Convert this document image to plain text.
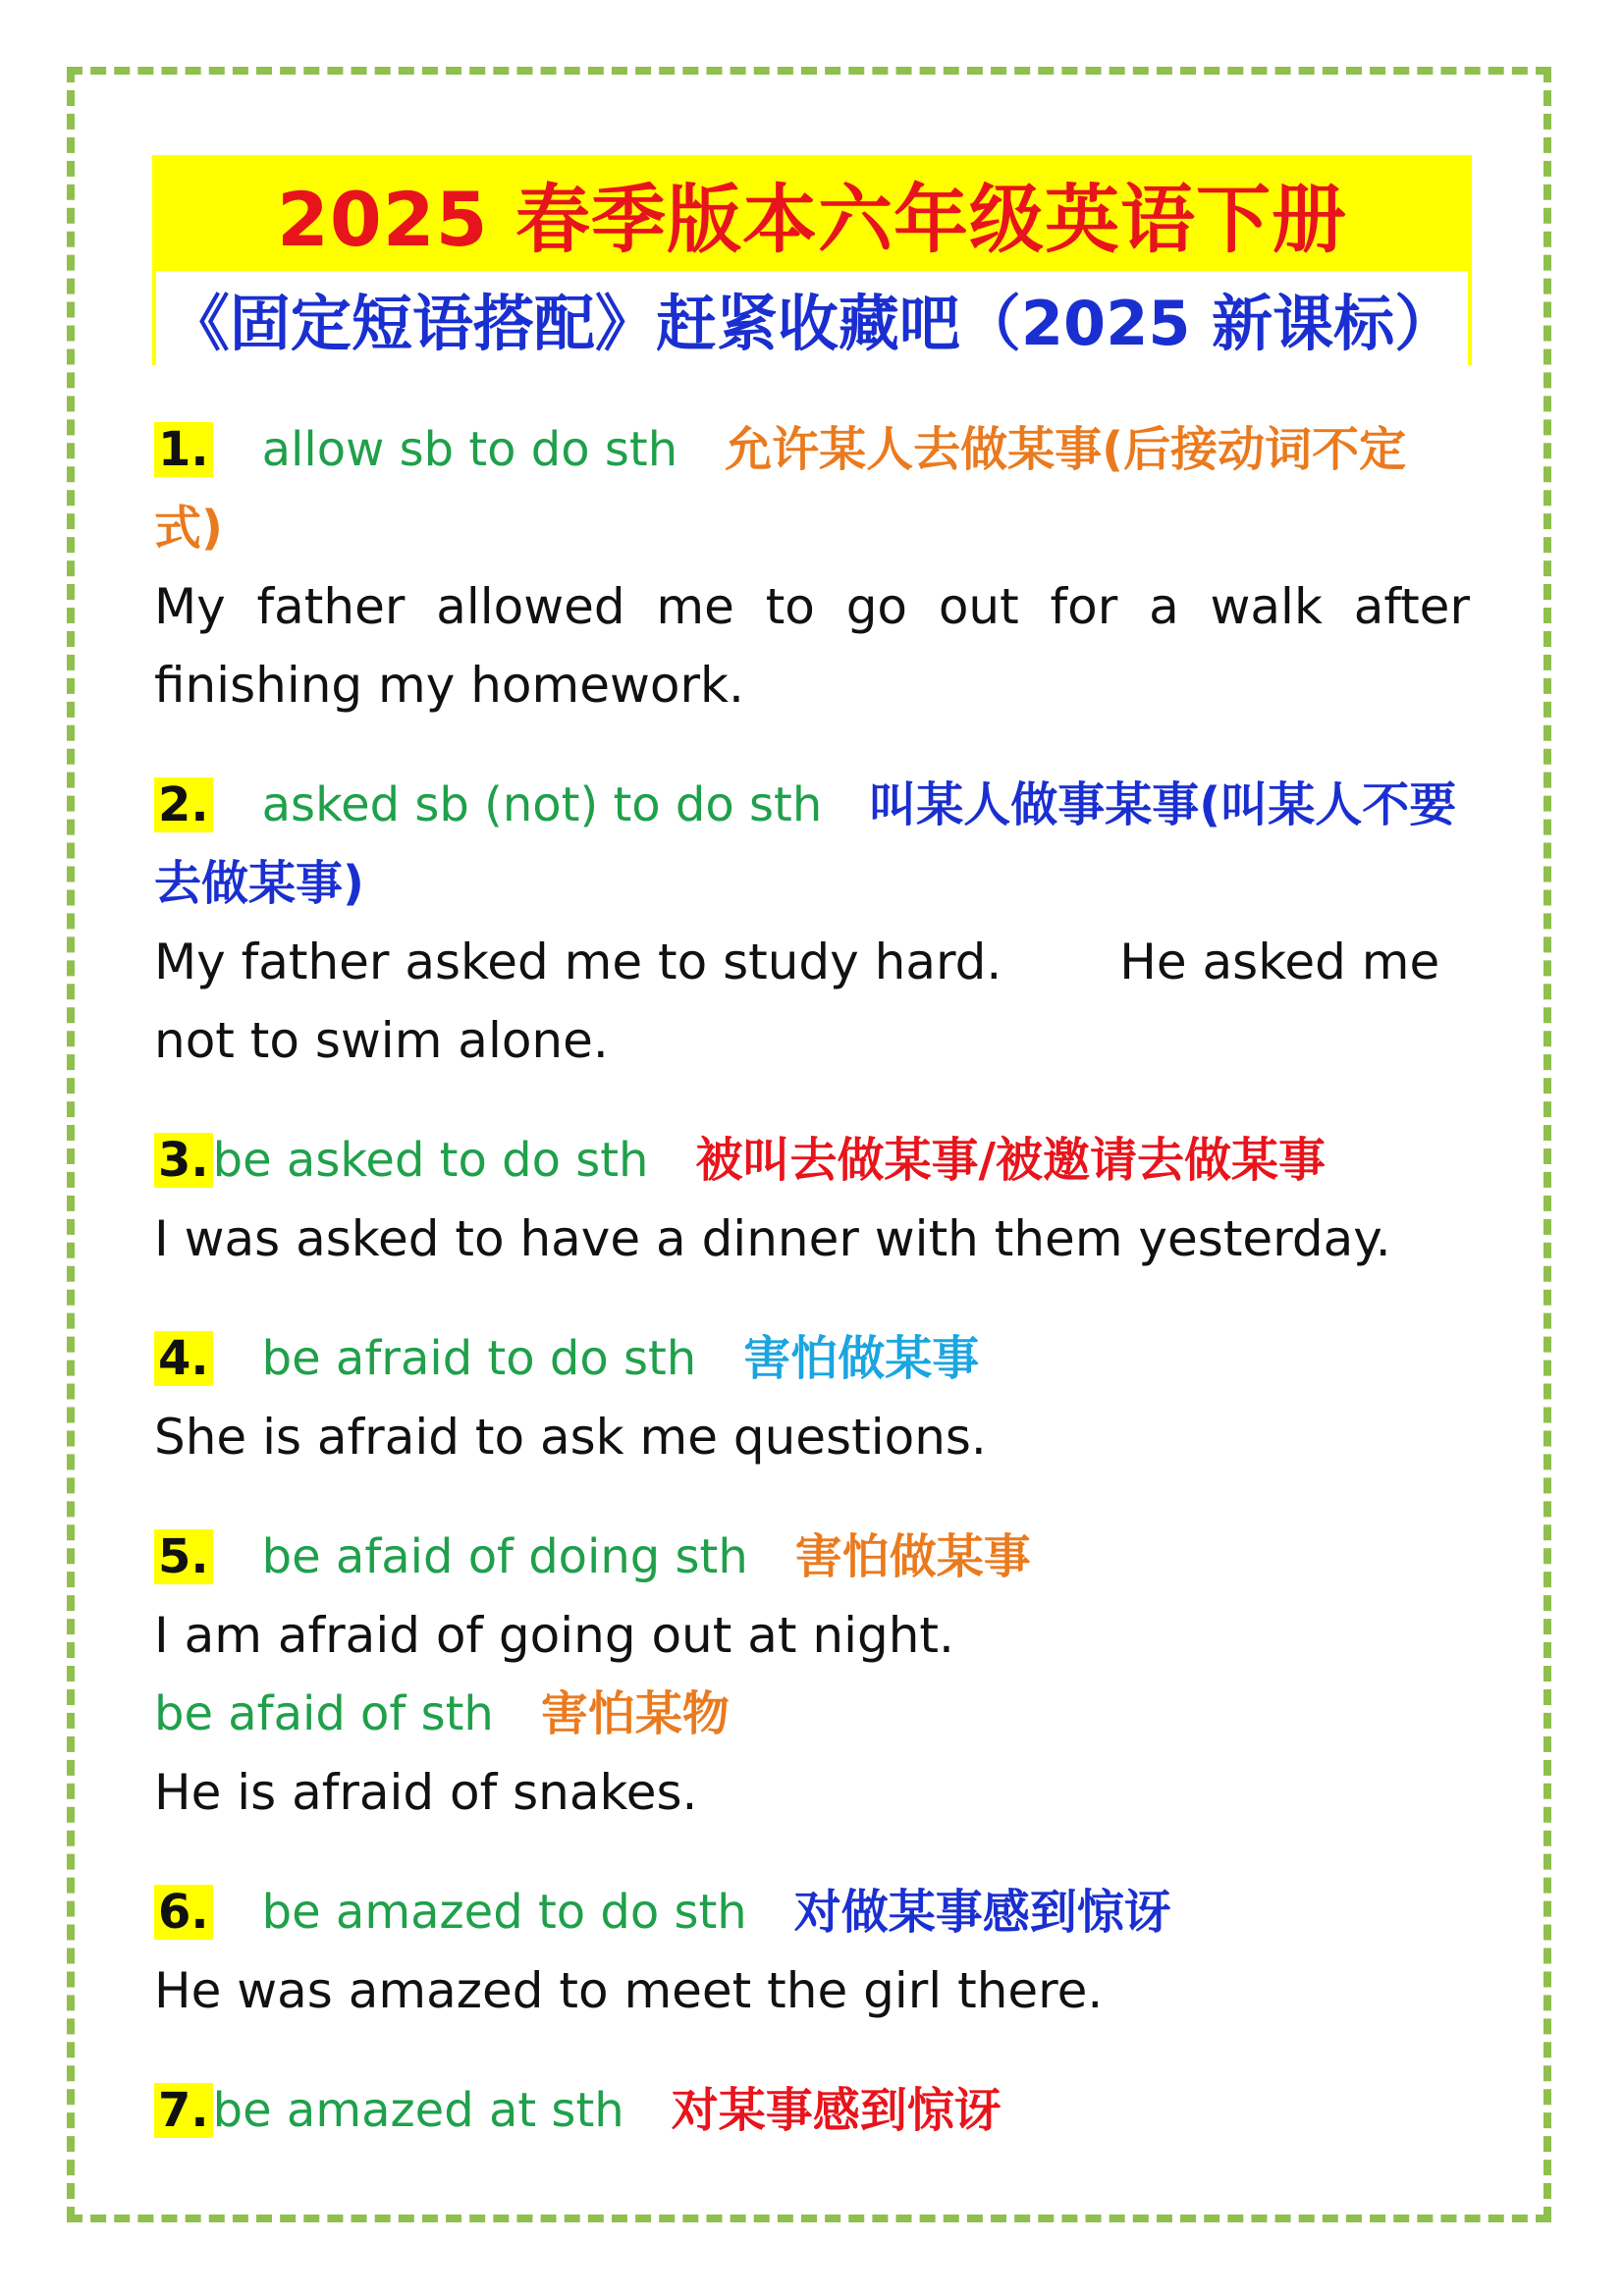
2025 春季版本六年级英语下册
《固定短语搭配》赶紧收藏吧（2025 新课标）
1. allow sb to do sth 允许某人去做某事(后接动词不定式)
My father allowed me to go out for a walk after finishing my homework.
2. asked sb (not) to do sth 叫某人做事某事(叫某人不要去做某事)
My father asked me to study hard. He asked me not to swim alone.
3.be asked to do sth 被叫去做某事/被邀请去做某事
I was asked to have a dinner with them yesterday.
4. be afraid to do sth 害怕做某事
She is afraid to ask me questions.
5. be afaid of doing sth 害怕做某事
I am afraid of going out at night.
be afaid of sth 害怕某物
He is afraid of snakes.
6. be amazed to do sth 对做某事感到惊讶
He was amazed to meet the girl there.
7.be amazed at sth 对某事感到惊讶
